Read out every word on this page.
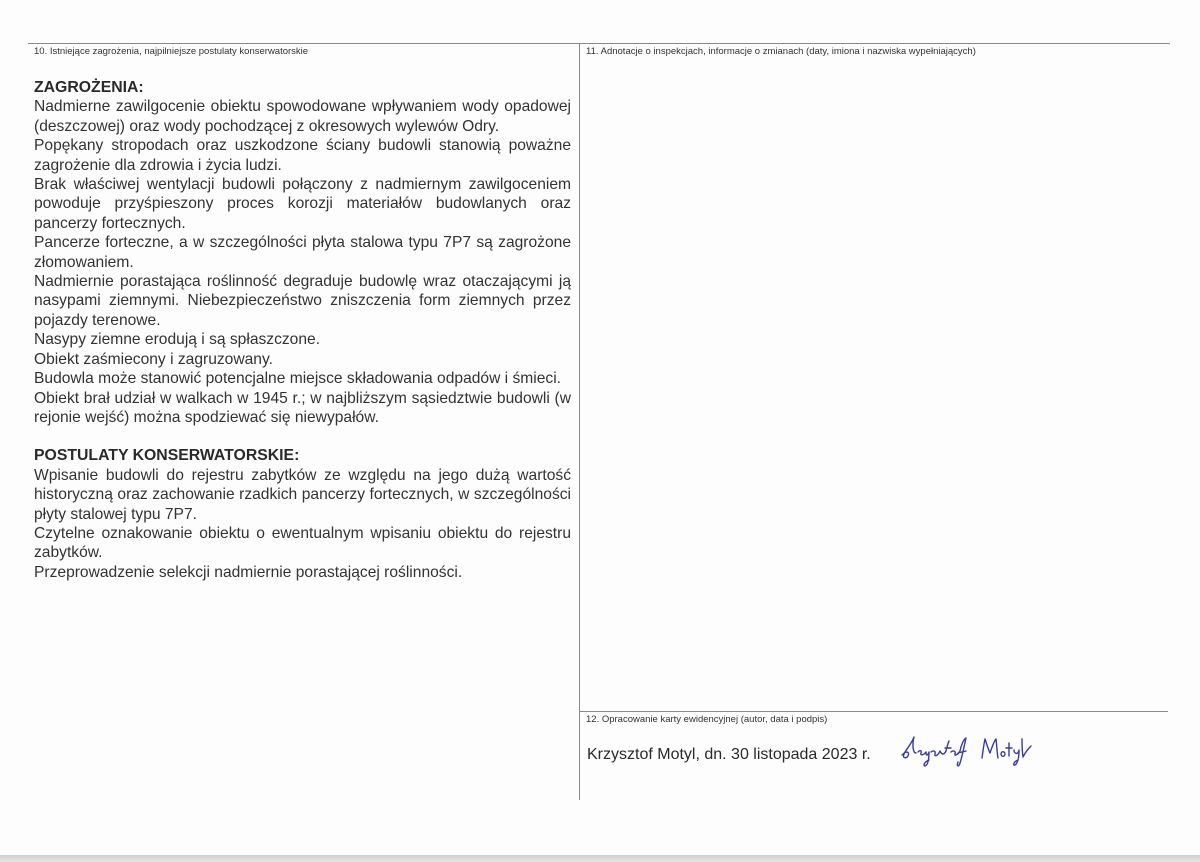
10. Istniejące zagrożenia, najpilniejsze postulaty konserwatorskie
ZAGROŻENIA:

Nadmierne zawilgocenie obiektu spowodowane wpływaniem wody opadowej (deszczowej) oraz wody pochodzącej z okresowych wylewów Odry.

Popękany stropodach oraz uszkodzone ściany budowli stanowią poważne zagrożenie dla zdrowia i życia ludzi.

Brak właściwej wentylacji budowli połączony z nadmiernym zawilgoceniem powoduje przyśpieszony proces korozji materiałów budowlanych oraz pancerzy fortecznych.

Pancerze forteczne, a w szczególności płyta stalowa typu 7P7 są zagrożone złomowaniem.

Nadmiernie porastająca roślinność degraduje budowlę wraz otaczającymi ją nasypami ziemnymi. Niebezpieczeństwo zniszczenia form ziemnych przez pojazdy terenowe.

Nasypy ziemne erodują i są spłaszczone.

Obiekt zaśmiecony i zagruzowany.

Budowla może stanowić potencjalne miejsce składowania odpadów i śmieci.

Obiekt brał udział w walkach w 1945 r.; w najbliższym sąsiedztwie budowli (w rejonie wejść) można spodziewać się niewypałów.

POSTULATY KONSERWATORSKIE:

Wpisanie budowli do rejestru zabytków ze względu na jego dużą wartość historyczną oraz zachowanie rzadkich pancerzy fortecznych, w szczególności płyty stalowej typu 7P7.

Czytelne oznakowanie obiektu o ewentualnym wpisaniu obiektu do rejestru zabytków.

Przeprowadzenie selekcji nadmiernie porastającej roślinności.

11. Adnotacje o inspekcjach, informacje o zmianach (daty, imiona i nazwiska wypełniających)
12. Opracowanie karty ewidencyjnej (autor, data i podpis)
Krzysztof Motyl, dn. 30 listopada 2023 r.
